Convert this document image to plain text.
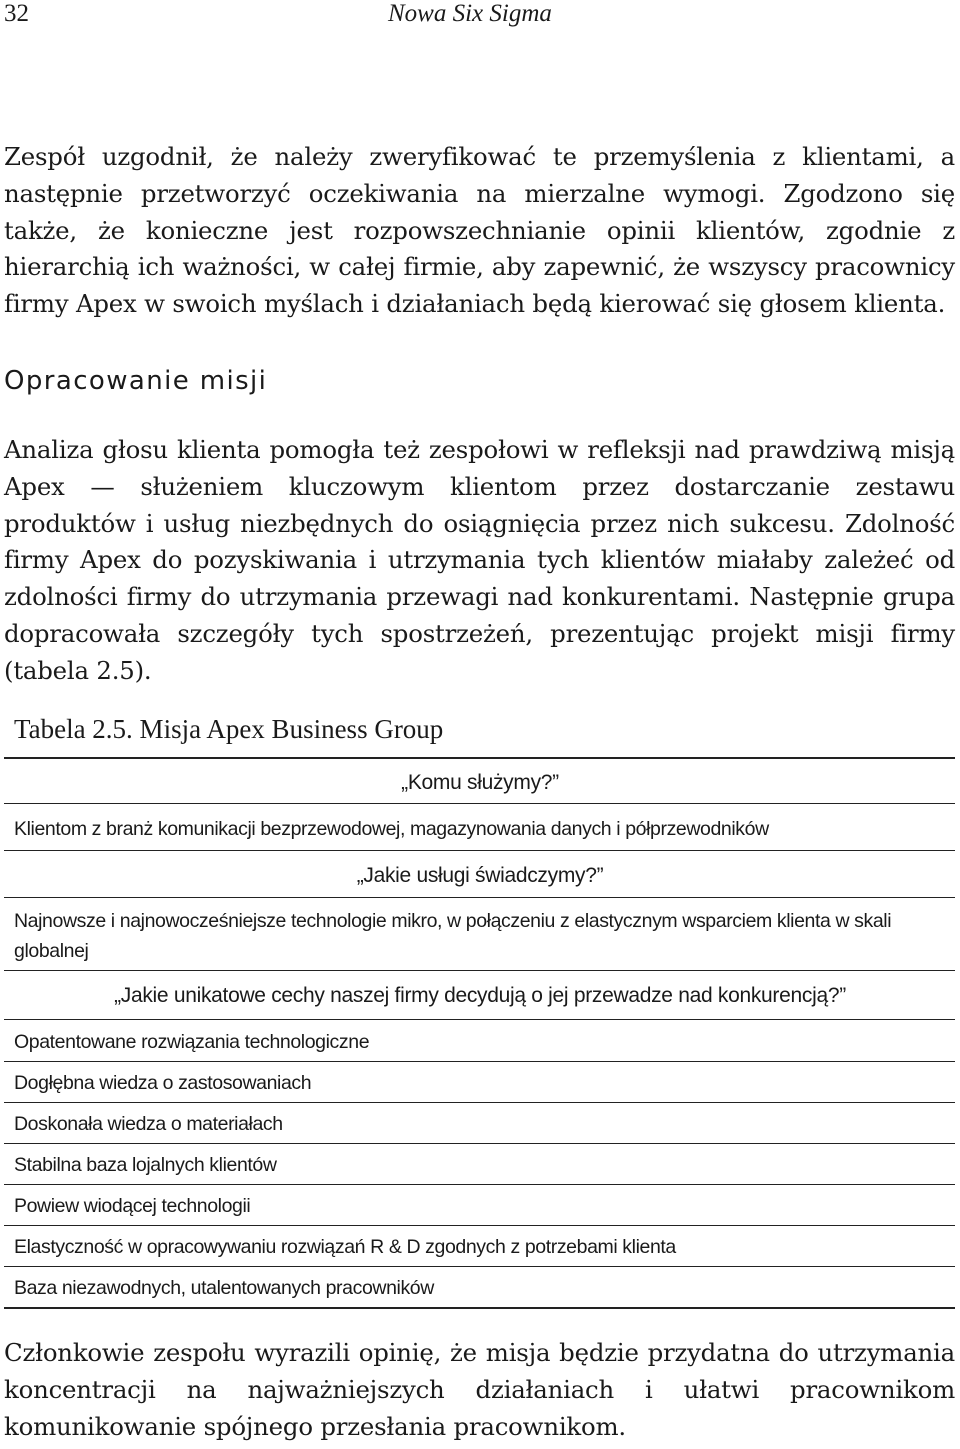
32	Nowa Six Sigma

Zespół uzgodnił, że należy zweryfikować te przemyślenia z klientami, a następnie przetworzyć oczekiwania na mierzalne wymogi. Zgodzono się także, że konieczne jest rozpowszechnianie opinii klientów, zgodnie z hierarchią ich ważności, w całej firmie, aby zapewnić, że wszyscy pracownicy firmy Apex w swoich myślach i działaniach będą kierować się głosem klienta.

Opracowanie misji

Analiza głosu klienta pomogła też zespołowi w refleksji nad prawdziwą misją Apex — służeniem kluczowym klientom przez dostarczanie zestawu produktów i usług niezbędnych do osiągnięcia przez nich sukcesu. Zdolność firmy Apex do pozyskiwania i utrzymania tych klientów miałaby zależeć od zdolności firmy do utrzymania przewagi nad konkurentami. Następnie grupa dopracowała szczegóły tych spostrzeżeń, prezentując projekt misji firmy (tabela 2.5).

Tabela 2.5. Misja Apex Business Group
„Komu służymy?”
Klientom z branż komunikacji bezprzewodowej, magazynowania danych i półprzewodników
„Jakie usługi świadczymy?”
Najnowsze i najnowocześniejsze technologie mikro, w połączeniu z elastycznym wsparciem klienta w skali globalnej
„Jakie unikatowe cechy naszej firmy decydują o jej przewadze nad konkurencją?”
Opatentowane rozwiązania technologiczne
Dogłębna wiedza o zastosowaniach
Doskonała wiedza o materiałach
Stabilna baza lojalnych klientów
Powiew wiodącej technologii
Elastyczność w opracowywaniu rozwiązań R & D zgodnych z potrzebami klienta
Baza niezawodnych, utalentowanych pracowników

Członkowie zespołu wyrazili opinię, że misja będzie przydatna do utrzymania koncentracji na najważniejszych działaniach i ułatwi pracownikom komunikowanie spójnego przesłania pracownikom.
